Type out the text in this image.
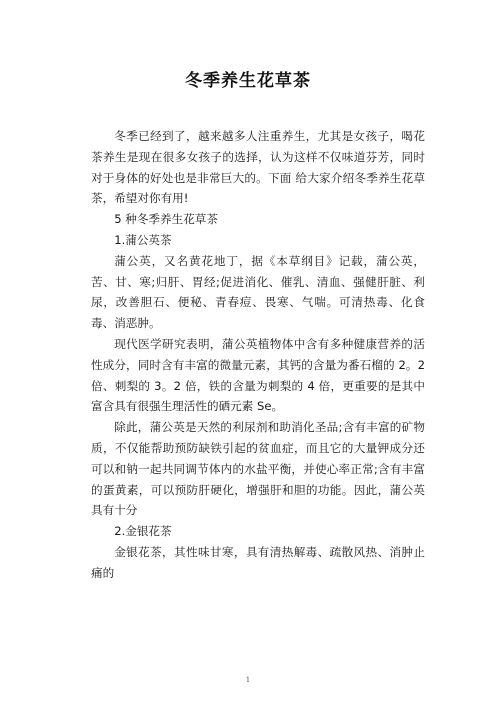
冬季养生花草茶

冬季已经到了，越来越多人注重养生，尤其是女孩子，喝花茶养生是现在很多女孩子的选择，认为这样不仅味道芬芳，同时对于身体的好处也是非常巨大的。下面 给大家介绍冬季养生花草茶，希望对你有用!

5 种冬季养生花草茶

1.蒲公英茶

蒲公英，又名黄花地丁，据《本草纲目》记载，蒲公英，苦、甘、寒;归肝、胃经;促进消化、催乳、清血、强健肝脏、利尿，改善胆石、便秘、青春痘、畏寒、气喘。可清热毒、化食毒、消恶肿。

现代医学研究表明，蒲公英植物体中含有多种健康营养的活性成分，同时含有丰富的微量元素，其钙的含量为番石榴的 2。2 倍、刺梨的 3。2 倍，铁的含量为刺梨的 4 倍，更重要的是其中富含具有很强生理活性的硒元素 Se。

除此，蒲公英是天然的利尿剂和助消化圣品;含有丰富的矿物质，不仅能帮助预防缺铁引起的贫血症，而且它的大量钾成分还可以和钠一起共同调节体内的水盐平衡，并使心率正常;含有丰富的蛋黄素，可以预防肝硬化，增强肝和胆的功能。因此，蒲公英具有十分

2.金银花茶

金银花茶，其性味甘寒，具有清热解毒、疏散风热、消肿止痛的

1
